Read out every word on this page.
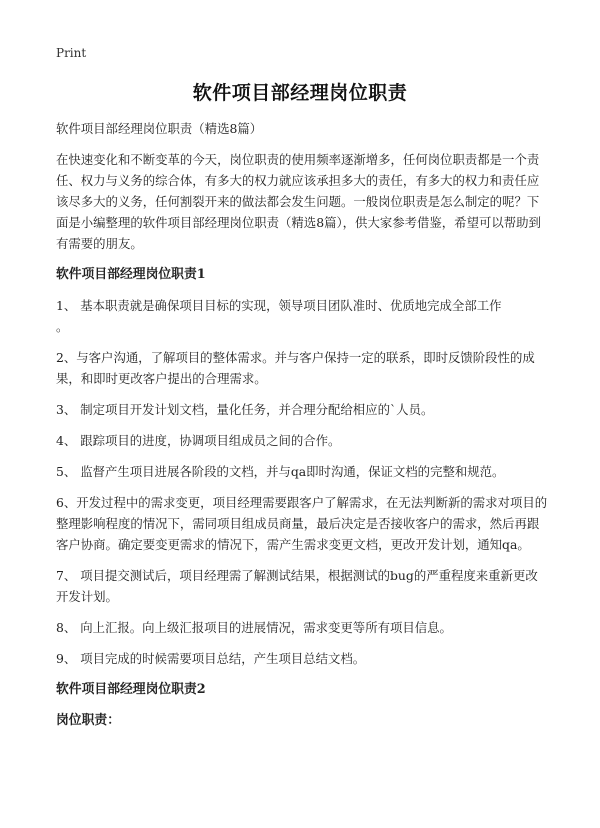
Print
软件项目部经理岗位职责

软件项目部经理岗位职责（精选8篇）

在快速变化和不断变革的今天，岗位职责的使用频率逐渐增多，任何岗位职责都是一个责任、权力与义务的综合体，有多大的权力就应该承担多大的责任，有多大的权力和责任应该尽多大的义务，任何割裂开来的做法都会发生问题。一般岗位职责是怎么制定的呢？下面是小编整理的软件项目部经理岗位职责（精选8篇），供大家参考借鉴，希望可以帮助到有需要的朋友。

软件项目部经理岗位职责1

1、 基本职责就是确保项目目标的实现，领导项目团队准时、优质地完成全部工作
。

2、与客户沟通，了解项目的整体需求。并与客户保持一定的联系，即时反馈阶段性的成果，和即时更改客户提出的合理需求。

3、 制定项目开发计划文档，量化任务，并合理分配给相应的`人员。

4、 跟踪项目的进度，协调项目组成员之间的合作。

5、 监督产生项目进展各阶段的文档，并与qa即时沟通，保证文档的完整和规范。

6、开发过程中的需求变更，项目经理需要跟客户了解需求，在无法判断新的需求对项目的整理影响程度的情况下，需同项目组成员商量，最后决定是否接收客户的需求，然后再跟客户协商。确定要变更需求的情况下，需产生需求变更文档，更改开发计划，通知qa。

7、 项目提交测试后，项目经理需了解测试结果，根据测试的bug的严重程度来重新更改开发计划。

8、 向上汇报。向上级汇报项目的进展情况，需求变更等所有项目信息。

9、 项目完成的时候需要项目总结，产生项目总结文档。

软件项目部经理岗位职责2

岗位职责：
